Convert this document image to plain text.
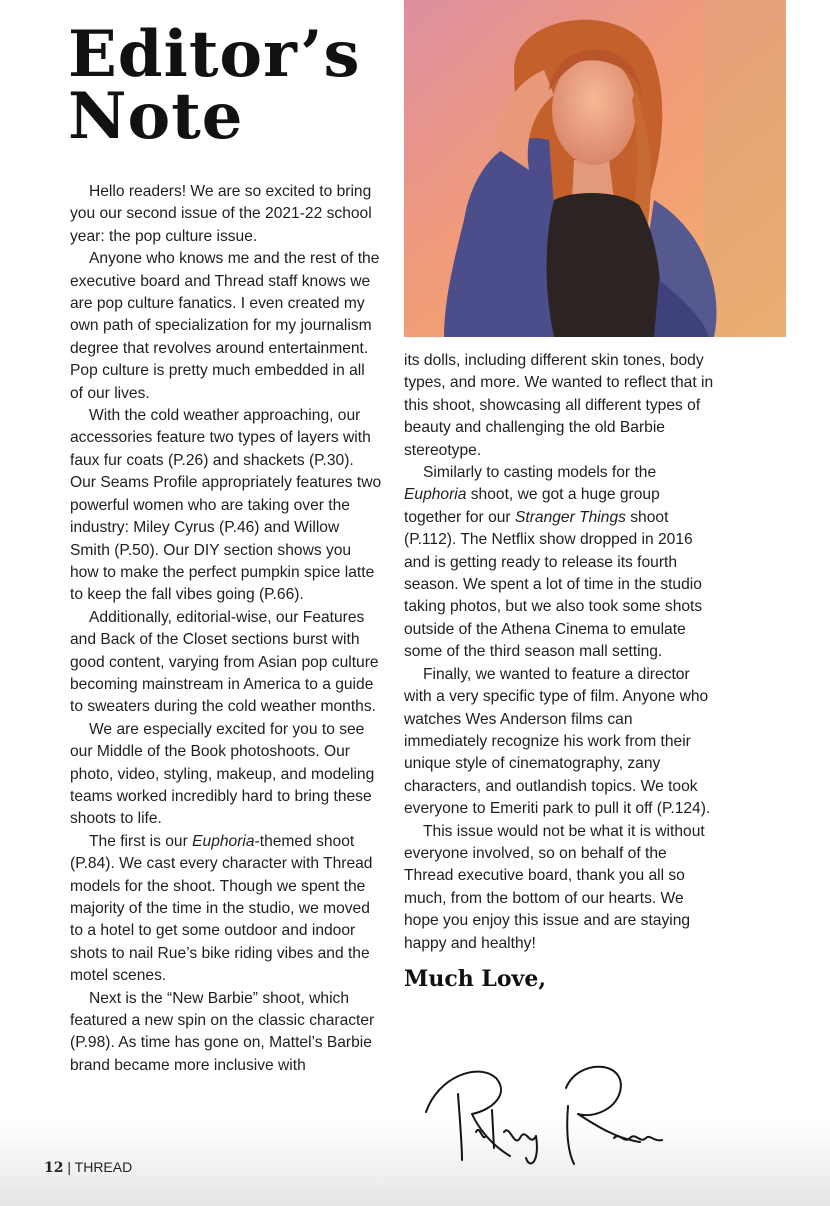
Editor’s
Note

Hello readers! We are so excited to bring you our second issue of the 2021-22 school year: the pop culture issue.

Anyone who knows me and the rest of the executive board and Thread staff knows we are pop culture fanatics. I even created my own path of specialization for my journalism degree that revolves around entertainment. Pop culture is pretty much embedded in all of our lives.

With the cold weather approaching, our accessories feature two types of layers with faux fur coats (P.26) and shackets (P.30). Our Seams Profile appropriately features two powerful women who are taking over the industry: Miley Cyrus (P.46) and Willow Smith (P.50). Our DIY section shows you how to make the perfect pumpkin spice latte to keep the fall vibes going (P.66).

Additionally, editorial-wise, our Features and Back of the Closet sections burst with good content, varying from Asian pop culture becoming mainstream in America to a guide to sweaters during the cold weather months.

We are especially excited for you to see our Middle of the Book photoshoots. Our photo, video, styling, makeup, and modeling teams worked incredibly hard to bring these shoots to life.

The first is our Euphoria-themed shoot (P.84). We cast every character with Thread models for the shoot. Though we spent the majority of the time in the studio, we moved to a hotel to get some outdoor and indoor shots to nail Rue’s bike riding vibes and the motel scenes.

Next is the “New Barbie” shoot, which featured a new spin on the classic character (P.98). As time has gone on, Mattel’s Barbie brand became more inclusive with

its dolls, including different skin tones, body types, and more. We wanted to reflect that in this shoot, showcasing all different types of beauty and challenging the old Barbie stereotype.

Similarly to casting models for the Euphoria shoot, we got a huge group together for our Stranger Things shoot (P.112). The Netflix show dropped in 2016 and is getting ready to release its fourth season. We spent a lot of time in the studio taking photos, but we also took some shots outside of the Athena Cinema to emulate some of the third season mall setting.

Finally, we wanted to feature a director with a very specific type of film. Anyone who watches Wes Anderson films can immediately recognize his work from their unique style of cinematography, zany characters, and outlandish topics. We took everyone to Emeriti park to pull it off (P.124).

This issue would not be what it is without everyone involved, so on behalf of the Thread executive board, thank you all so much, from the bottom of our hearts. We hope you enjoy this issue and are staying happy and healthy!

Much Love,
12 | THREAD
